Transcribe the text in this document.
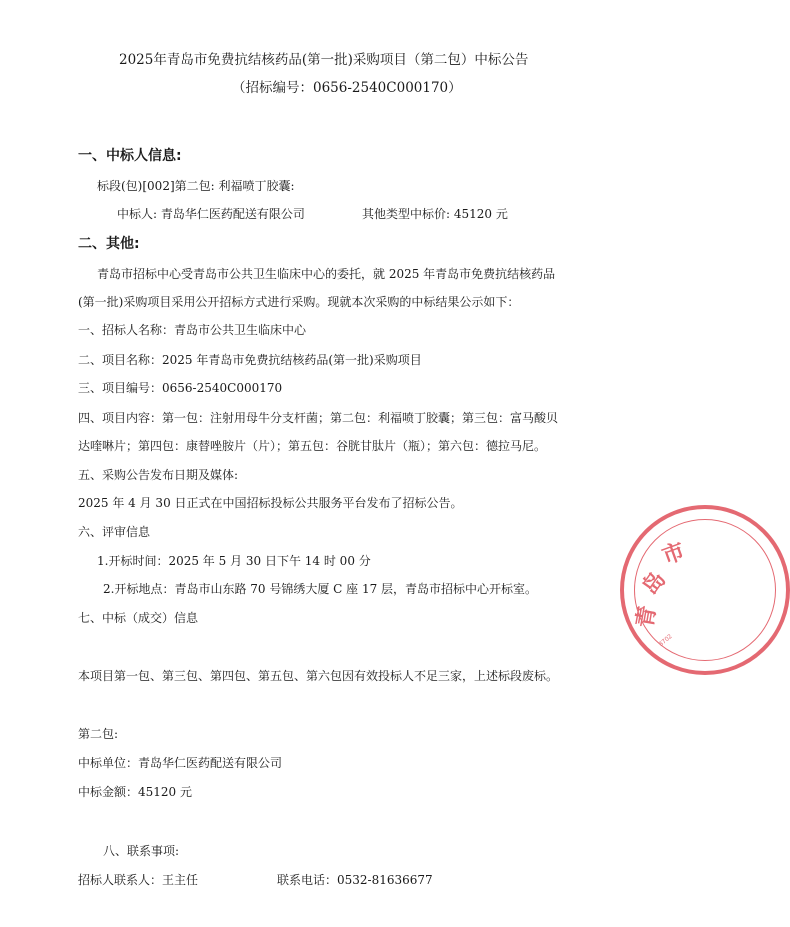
2025年青岛市免费抗结核药品(第一批)采购项目（第二包）中标公告
（招标编号：0656-2540C000170）
一、中标人信息:
标段(包)[002]第二包: 利福喷丁胶囊:
中标人: 青岛华仁医药配送有限公司	其他类型中标价: 45120 元
二、其他:
青岛市招标中心受青岛市公共卫生临床中心的委托，就 2025 年青岛市免费抗结核药品
(第一批)采购项目采用公开招标方式进行采购。现就本次采购的中标结果公示如下：
一、招标人名称：青岛市公共卫生临床中心
二、项目名称：2025 年青岛市免费抗结核药品(第一批)采购项目
三、项目编号：0656-2540C000170
四、项目内容：第一包：注射用母牛分支杆菌；第二包：利福喷丁胶囊；第三包：富马酸贝
达喹啉片；第四包：康替唑胺片（片）；第五包：谷胱甘肽片（瓶）；第六包：德拉马尼。
五、采购公告发布日期及媒体:
2025 年 4 月 30 日正式在中国招标投标公共服务平台发布了招标公告。
六、评审信息
1.开标时间：2025 年 5 月 30 日下午 14 时 00 分
2.开标地点：青岛市山东路 70 号锦绣大厦 C 座 17 层，青岛市招标中心开标室。
七、中标（成交）信息
本项目第一包、第三包、第四包、第五包、第六包因有效投标人不足三家，上述标段废标。
第二包:
中标单位：青岛华仁医药配送有限公司
中标金额：45120 元
八、联系事项:
招标人联系人：王主任	联系电话：0532-81636677
市
岛
青
3702
